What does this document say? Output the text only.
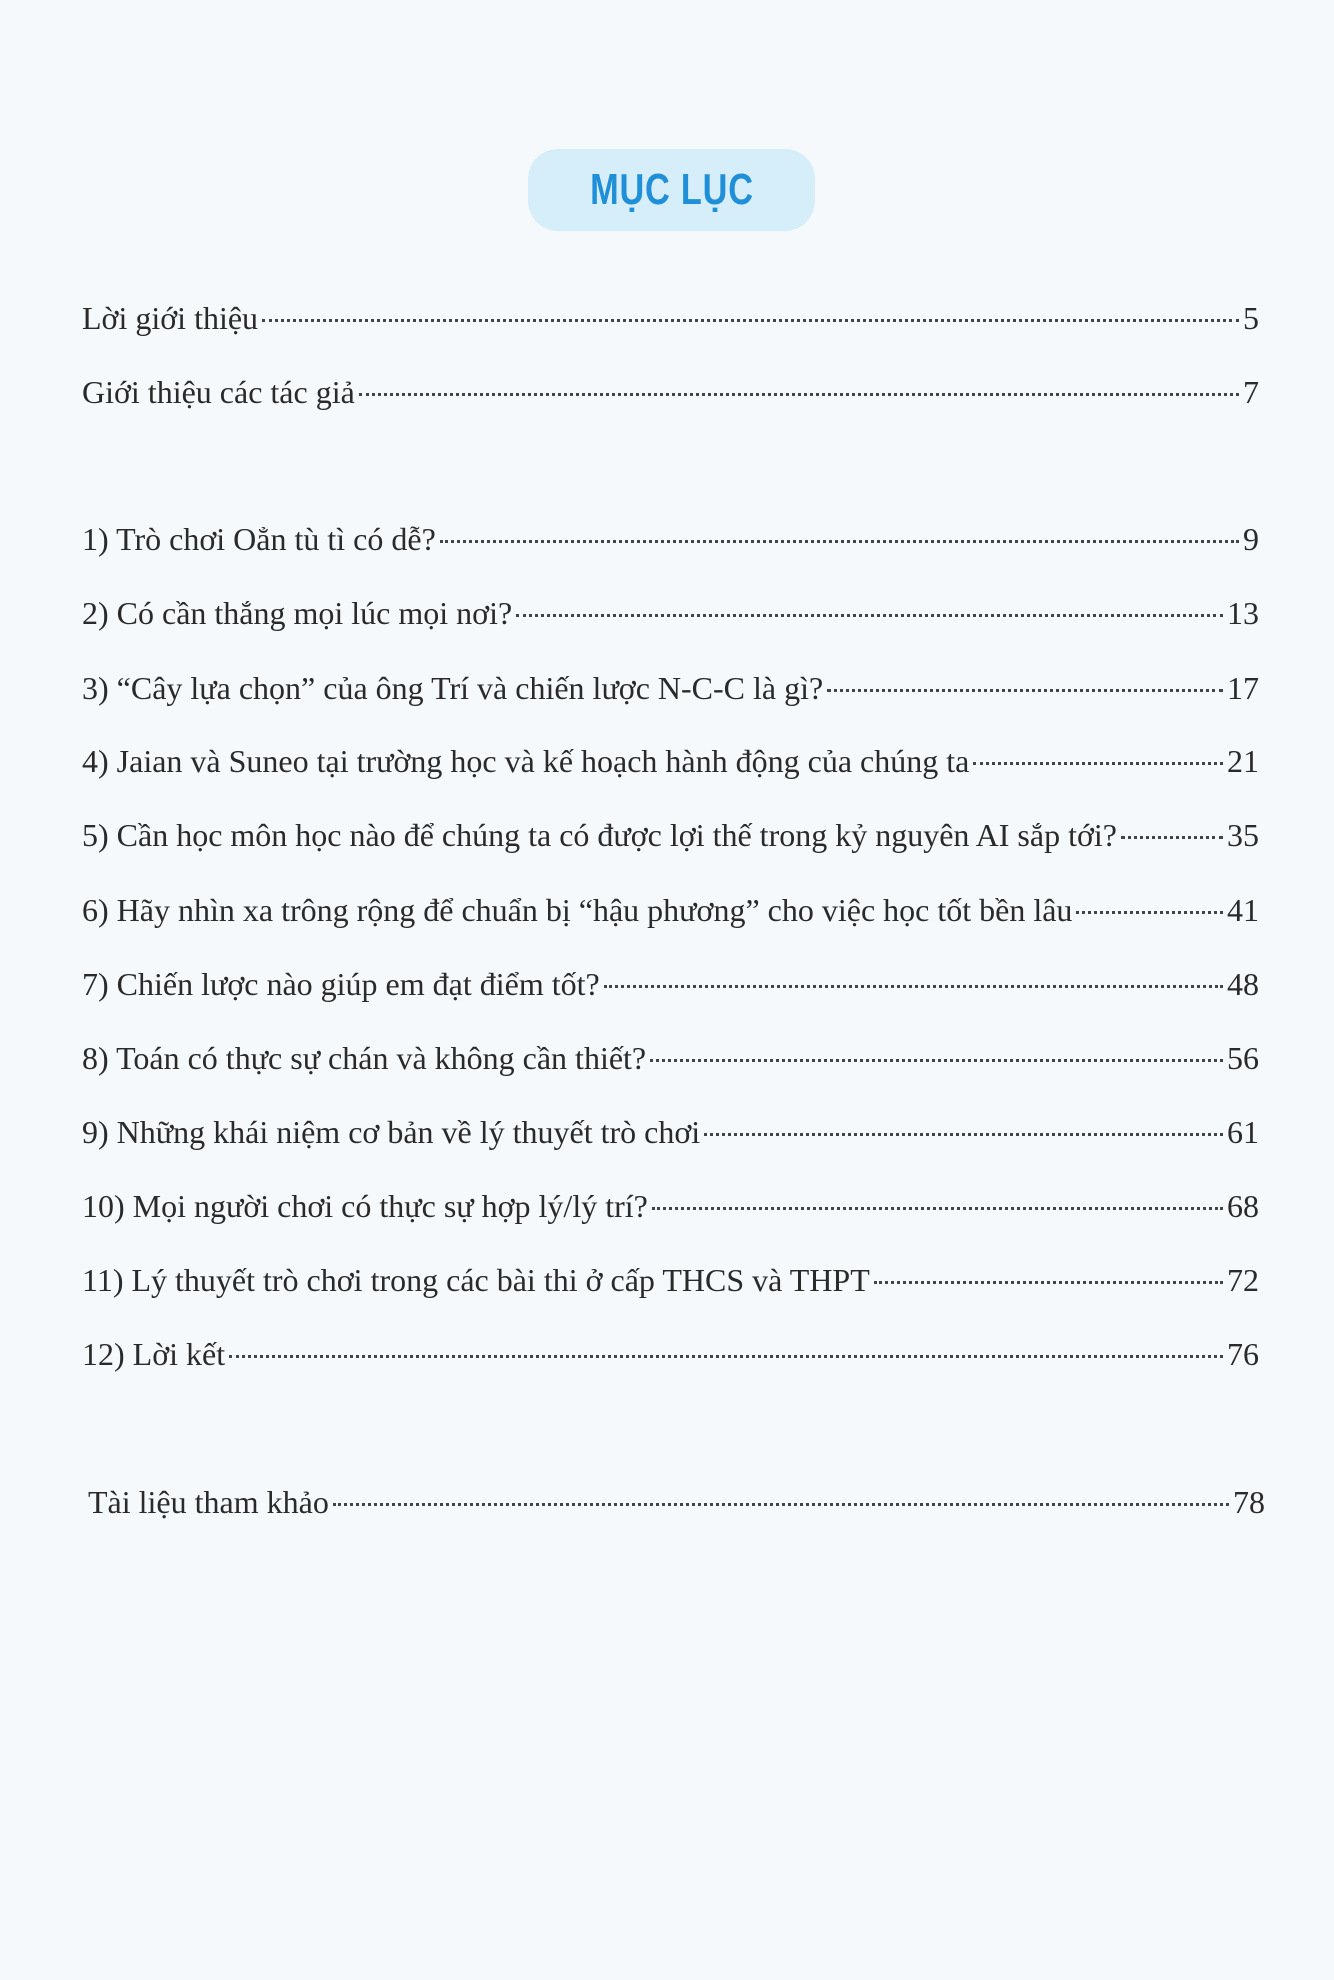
MỤC LỤC
Lời giới thiệu	5
Giới thiệu các tác giả	7
1) Trò chơi Oẳn tù tì có dễ?	9
2) Có cần thắng mọi lúc mọi nơi?	13
3) “Cây lựa chọn” của ông Trí và chiến lược N-C-C là gì?	17
4) Jaian và Suneo tại trường học và kế hoạch hành động của chúng ta	21
5) Cần học môn học nào để chúng ta có được lợi thế trong kỷ nguyên AI sắp tới?	35
6) Hãy nhìn xa trông rộng để chuẩn bị “hậu phương” cho việc học tốt bền lâu	41
7) Chiến lược nào giúp em đạt điểm tốt?	48
8) Toán có thực sự chán và không cần thiết?	56
9) Những khái niệm cơ bản về lý thuyết trò chơi	61
10) Mọi người chơi có thực sự hợp lý/lý trí?	68
11) Lý thuyết trò chơi trong các bài thi ở cấp THCS và THPT	72
12) Lời kết	76
Tài liệu tham khảo	78
